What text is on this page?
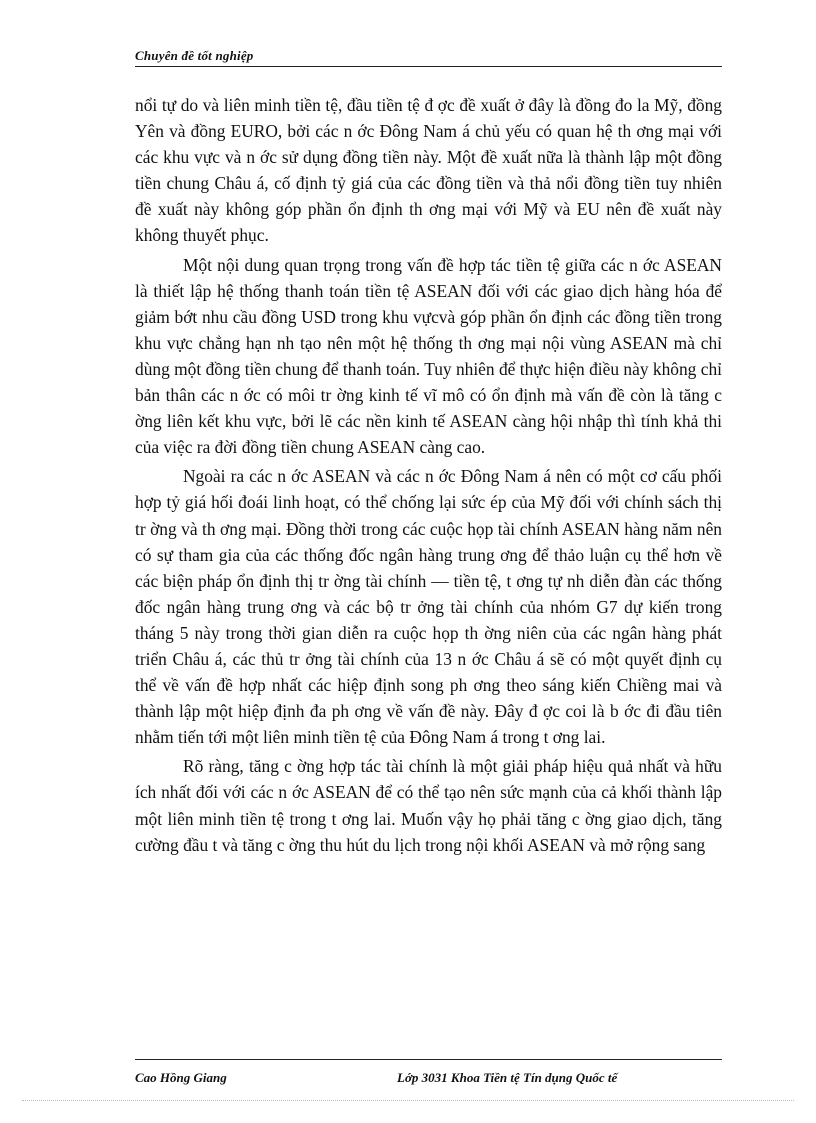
Chuyên đề tốt nghiệp

nổi tự do và liên minh tiền tệ, đầu tiền tệ đ ợc đề xuất ở đây là đồng đo la Mỹ, đồng Yên và đồng EURO, bởi các n ớc Đông Nam á chủ yếu có quan hệ th ơng mại với các khu vực và n ớc sử dụng đồng tiền này. Một đề xuất nữa là thành lập một đồng tiền chung Châu á, cố định tỷ giá của các đồng tiền và thả nổi đồng tiền tuy nhiên đề xuất này không góp phần ổn định th ơng mại với Mỹ và EU nên đề xuất này không thuyết phục.

Một nội dung quan trọng trong vấn đề hợp tác tiền tệ giữa các n ớc ASEAN là thiết lập hệ thống thanh toán tiền tệ ASEAN đối với các giao dịch hàng hóa để giảm bớt nhu cầu đồng USD trong khu vựcvà góp phần ổn định các đồng tiền trong khu vực chẳng hạn nh tạo nên một hệ thống th ơng mại nội vùng ASEAN mà chỉ dùng một đồng tiền chung để thanh toán. Tuy nhiên để thực hiện điều này không chỉ bản thân các n ớc có môi tr ờng kinh tế vĩ mô có ổn định mà vấn đề còn là tăng c ờng liên kết khu vực, bởi lẽ các nền kinh tế ASEAN càng hội nhập thì tính khả thi của việc ra đời đồng tiền chung ASEAN càng cao.

Ngoài ra các n ớc ASEAN và các n ớc Đông Nam á nên có một cơ cấu phối hợp tỷ giá hối đoái linh hoạt, có thể chống lại sức ép của Mỹ đối với chính sách thị tr ờng và th ơng mại. Đồng thời trong các cuộc họp tài chính ASEAN hàng năm nên có sự tham gia của các thống đốc ngân hàng trung ơng để thảo luận cụ thể hơn về các biện pháp ổn định thị tr ờng tài chính — tiền tệ, t ơng tự nh diễn đàn các thống đốc ngân hàng trung ơng và các bộ tr ởng tài chính của nhóm G7 dự kiến trong tháng 5 này trong thời gian diễn ra cuộc họp th ờng niên của các ngân hàng phát triển Châu á, các thủ tr ởng tài chính của 13 n ớc Châu á sẽ có một quyết định cụ thể về vấn đề hợp nhất các hiệp định song ph ơng theo sáng kiến Chiềng mai và thành lập một hiệp định đa ph ơng về vấn đề này. Đây đ ợc coi là b ớc đi đầu tiên nhằm tiến tới một liên minh tiền tệ của Đông Nam á trong t ơng lai.

Rõ ràng, tăng c ờng hợp tác tài chính là một giải pháp hiệu quả nhất và hữu ích nhất đối với các n ớc ASEAN để có thể tạo nên sức mạnh của cả khối thành lập một liên minh tiền tệ trong t ơng lai. Muốn vậy họ phải tăng c ờng giao dịch, tăng cường đầu t và tăng c ờng thu hút du lịch trong nội khối ASEAN và mở rộng sang

Cao Hồng Giang	Lớp 3031 Khoa Tiền tệ Tín dụng Quốc tế
